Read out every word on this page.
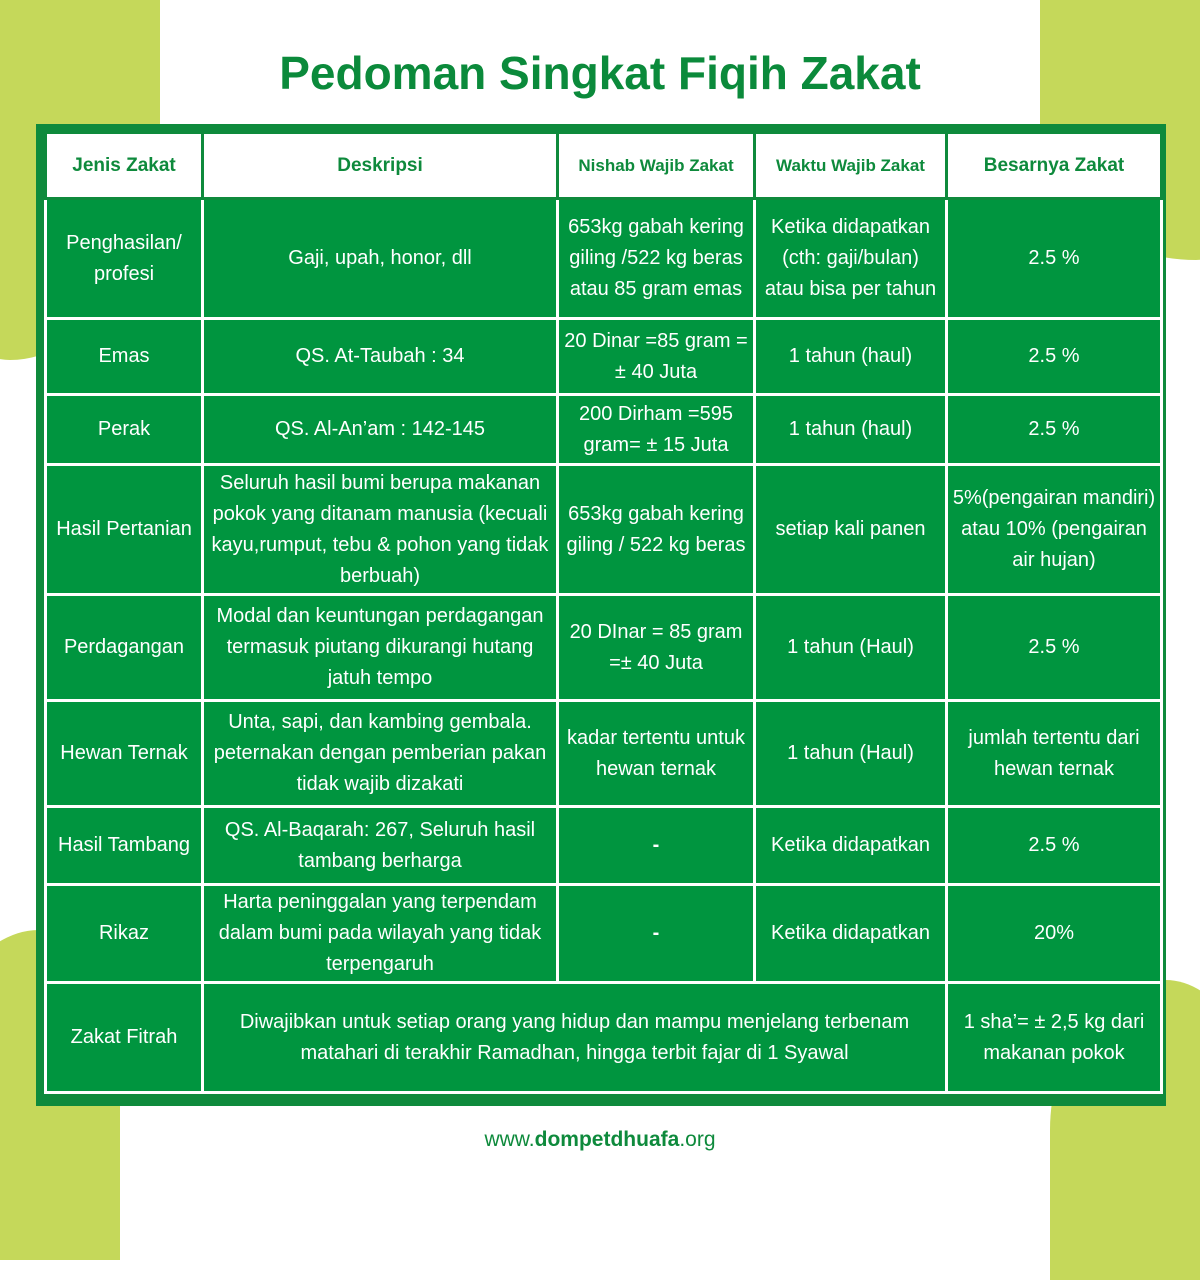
Pedoman Singkat Fiqih Zakat
Jenis Zakat	Deskripsi	Nishab Wajib Zakat	Waktu Wajib Zakat	Besarnya Zakat
Penghasilan/ profesi	Gaji, upah, honor, dll	653kg gabah kering giling /522 kg beras atau 85 gram emas	Ketika didapatkan (cth: gaji/bulan) atau bisa per tahun	2.5 %
Emas	QS. At-Taubah : 34	20 Dinar =85 gram = ± 40 Juta	1 tahun (haul)	2.5 %
Perak	QS. Al-An’am : 142-145	200 Dirham =595 gram= ± 15 Juta	1 tahun (haul)	2.5 %
Hasil Pertanian	Seluruh hasil bumi berupa makanan pokok yang ditanam manusia (kecuali kayu,rumput, tebu & pohon yang tidak berbuah)	653kg gabah kering giling / 522 kg beras	setiap kali panen	5%(pengairan mandiri) atau 10% (pengairan air hujan)
Perdagangan	Modal dan keuntungan perdagangan termasuk piutang dikurangi hutang jatuh tempo	20 DInar = 85 gram =± 40 Juta	1 tahun (Haul)	2.5 %
Hewan Ternak	Unta, sapi, dan kambing gembala. peternakan dengan pemberian pakan tidak wajib dizakati	kadar tertentu untuk hewan ternak	1 tahun (Haul)	jumlah tertentu dari hewan ternak
Hasil Tambang	QS. Al-Baqarah: 267, Seluruh hasil tambang berharga	-	Ketika didapatkan	2.5 %
Rikaz	Harta peninggalan yang terpendam dalam bumi pada wilayah yang tidak terpengaruh	-	Ketika didapatkan	20%
Zakat Fitrah	Diwajibkan untuk setiap orang yang hidup dan mampu menjelang terbenam matahari di terakhir Ramadhan, hingga terbit fajar di 1 Syawal			1 sha’= ± 2,5 kg dari makanan pokok
www.dompetdhuafa.org
